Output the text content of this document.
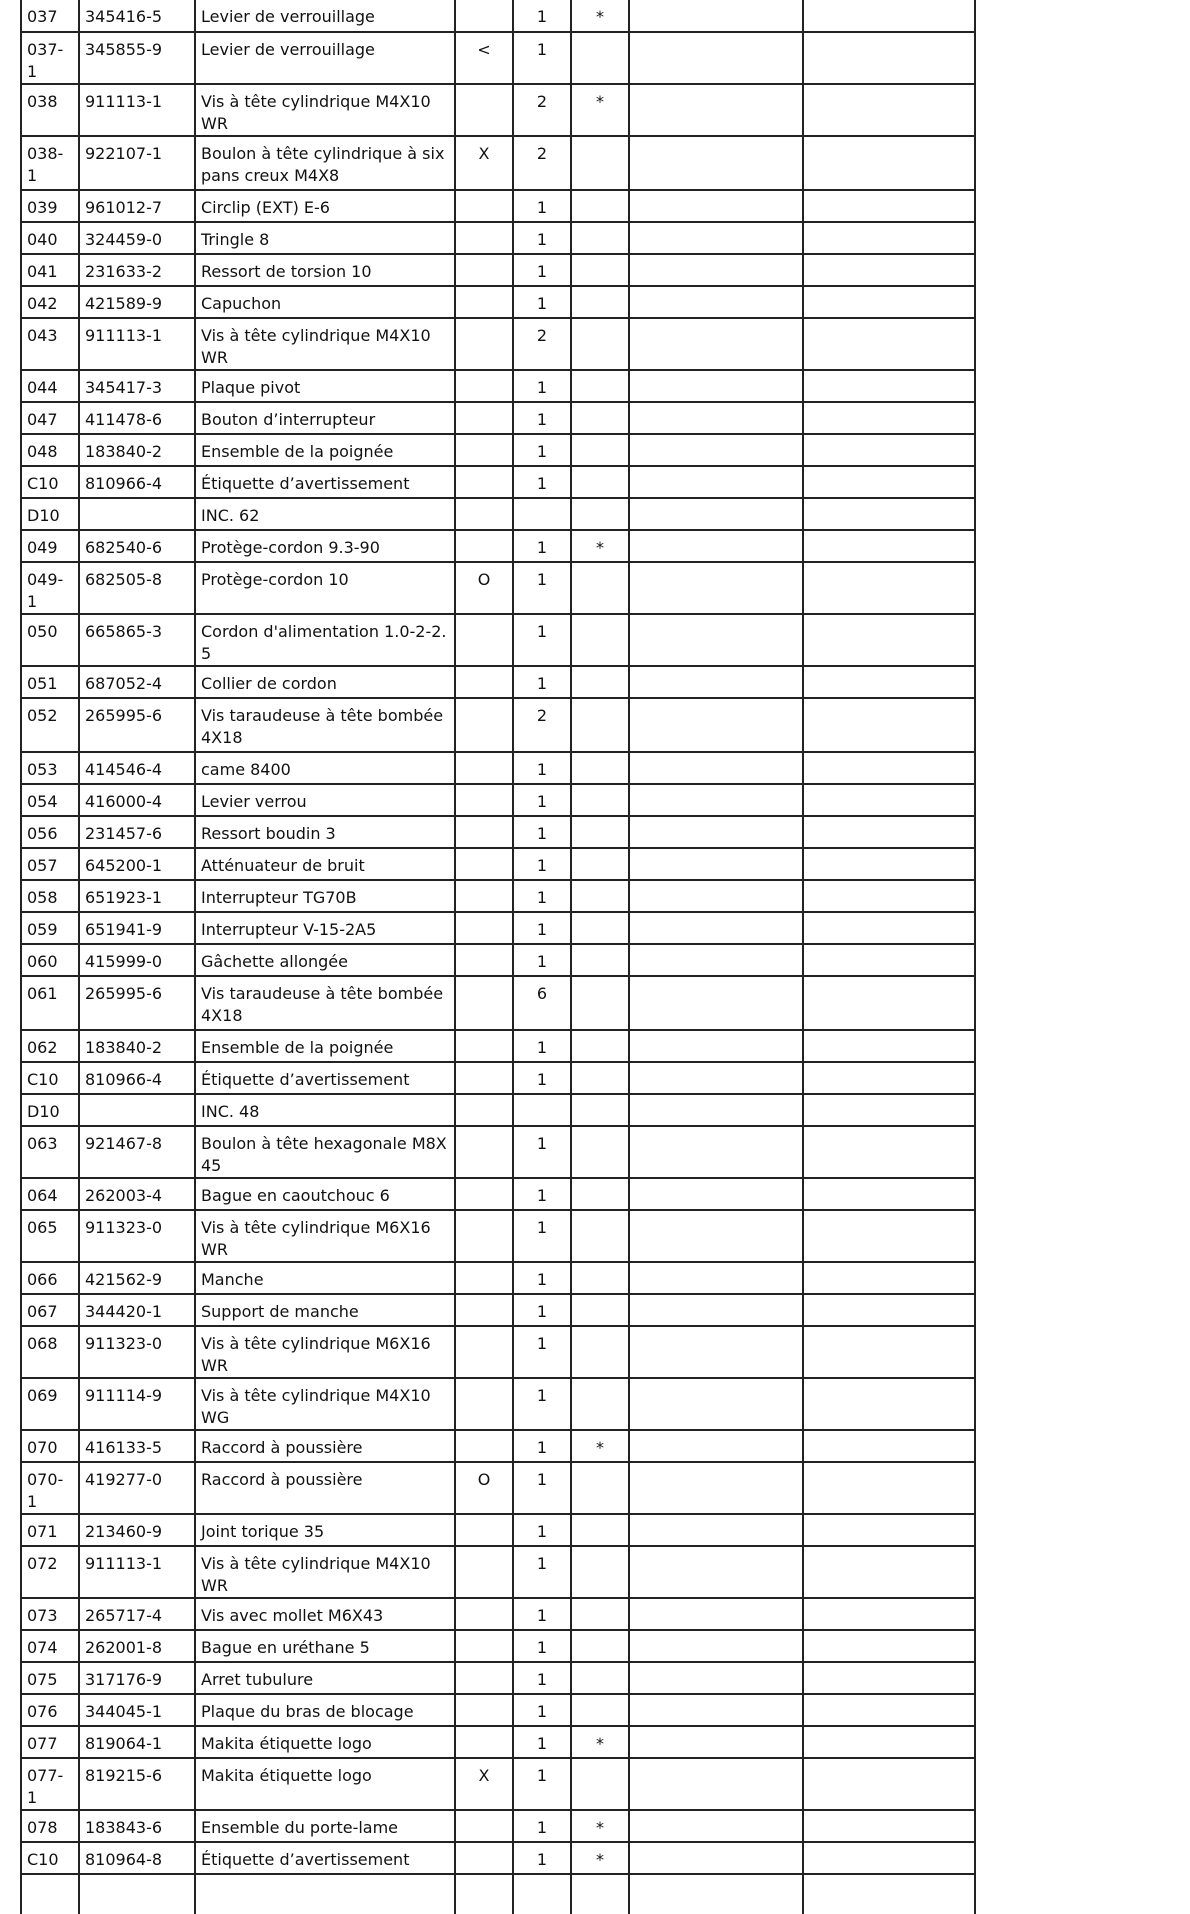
037	345416-5	Levier de verrouillage		1	*		

037-1	345855-9	Levier de verrouillage	<	1			

038	911113-1	Vis à tête cylindrique M4X10 WR		2	*		

038-1	922107-1	Boulon à tête cylindrique à six pans creux M4X8	X	2			

039	961012-7	Circlip (EXT) E-6		1			

040	324459-0	Tringle 8		1			

041	231633-2	Ressort de torsion 10		1			

042	421589-9	Capuchon		1			

043	911113-1	Vis à tête cylindrique M4X10 WR		2			

044	345417-3	Plaque pivot		1			

047	411478-6	Bouton d’interrupteur		1			

048	183840-2	Ensemble de la poignée		1			

C10	810966-4	Étiquette d’avertissement		1			

D10		INC. 62					

049	682540-6	Protège-cordon 9.3-90		1	*		

049-1	682505-8	Protège-cordon 10	O	1			

050	665865-3	Cordon d'alimentation 1.0-2-2.5		1			

051	687052-4	Collier de cordon		1			

052	265995-6	Vis taraudeuse à tête bombée 4X18		2			

053	414546-4	came 8400		1			

054	416000-4	Levier verrou		1			

056	231457-6	Ressort boudin 3		1			

057	645200-1	Atténuateur de bruit		1			

058	651923-1	Interrupteur TG70B		1			

059	651941-9	Interrupteur V-15-2A5		1			

060	415999-0	Gâchette allongée		1			

061	265995-6	Vis taraudeuse à tête bombée 4X18		6			

062	183840-2	Ensemble de la poignée		1			

C10	810966-4	Étiquette d’avertissement		1			

D10		INC. 48					

063	921467-8	Boulon à tête hexagonale M8X45		1			

064	262003-4	Bague en caoutchouc 6		1			

065	911323-0	Vis à tête cylindrique M6X16 WR		1			

066	421562-9	Manche		1			

067	344420-1	Support de manche		1			

068	911323-0	Vis à tête cylindrique M6X16 WR		1			

069	911114-9	Vis à tête cylindrique M4X10 WG		1			

070	416133-5	Raccord à poussière		1	*		

070-1	419277-0	Raccord à poussière	O	1			

071	213460-9	Joint torique 35		1			

072	911113-1	Vis à tête cylindrique M4X10 WR		1			

073	265717-4	Vis avec mollet M6X43		1			

074	262001-8	Bague en uréthane 5		1			

075	317176-9	Arret tubulure		1			

076	344045-1	Plaque du bras de blocage		1			

077	819064-1	Makita étiquette logo		1	*		

077-1	819215-6	Makita étiquette logo	X	1			

078	183843-6	Ensemble du porte-lame		1	*		

C10	810964-8	Étiquette d’avertissement		1	*		
